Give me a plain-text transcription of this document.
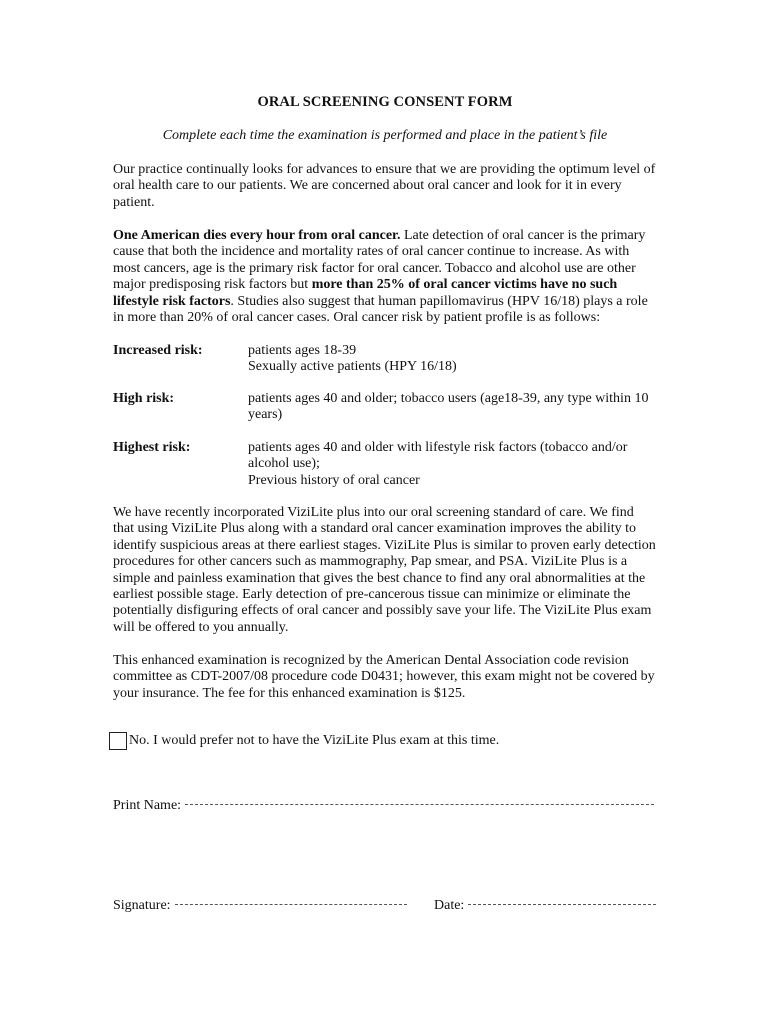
ORAL SCREENING CONSENT FORM
Complete each time the examination is performed and place in the patient’s file
Our practice continually looks for advances to ensure that we are providing the optimum level of oral health care to our patients. We are concerned about oral cancer and look for it in every patient.
One American dies every hour from oral cancer. Late detection of oral cancer is the primary cause that both the incidence and mortality rates of oral cancer continue to increase. As with most cancers, age is the primary risk factor for oral cancer. Tobacco and alcohol use are other major predisposing risk factors but more than 25% of oral cancer victims have no such lifestyle risk factors. Studies also suggest that human papillomavirus (HPV 16/18) plays a role in more than 20% of oral cancer cases. Oral cancer risk by patient profile is as follows:
Increased risk:	patients ages 18-39
Sexually active patients (HPY 16/18)
High risk:	patients ages 40 and older; tobacco users (age18-39, any type within 10 years)
Highest risk:	patients ages 40 and older with lifestyle risk factors (tobacco and/or alcohol use);
Previous history of oral cancer
We have recently incorporated ViziLite plus into our oral screening standard of care. We find that using ViziLite Plus along with a standard oral cancer examination improves the ability to identify suspicious areas at there earliest stages. ViziLite Plus is similar to proven early detection procedures for other cancers such as mammography, Pap smear, and PSA. ViziLite Plus is a simple and painless examination that gives the best chance to find any oral abnormalities at the earliest possible stage. Early detection of pre-cancerous tissue can minimize or eliminate the potentially disfiguring effects of oral cancer and possibly save your life. The ViziLite Plus exam will be offered to you annually.
This enhanced examination is recognized by the American Dental Association code revision committee as CDT-2007/08 procedure code D0431; however, this exam might not be covered by your insurance. The fee for this enhanced examination is $125.
No. I would prefer not to have the ViziLite Plus exam at this time.
Print Name:
Signature:	Date:
